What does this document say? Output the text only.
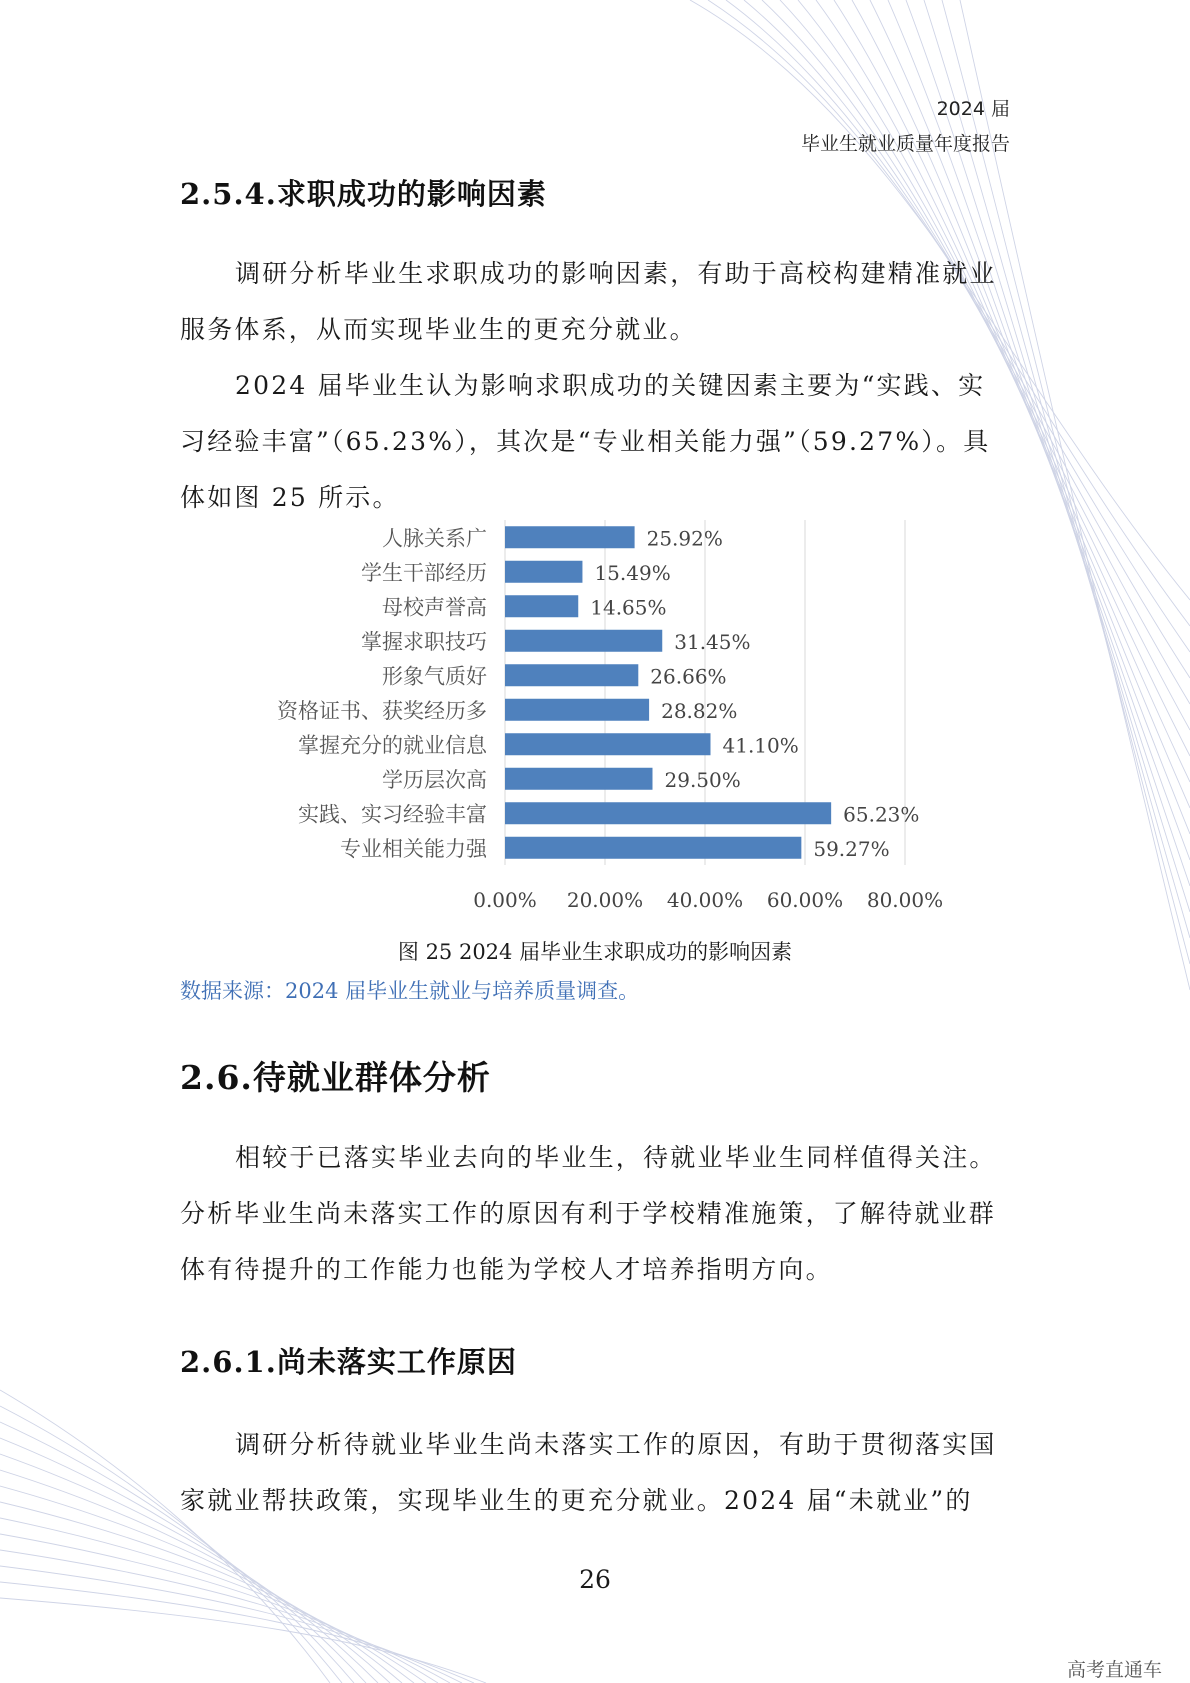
2024 届
毕业生就业质量年度报告
2.5.4.求职成功的影响因素

调研分析毕业生求职成功的影响因素，有助于高校构建精准就业服务体系，从而实现毕业生的更充分就业。

2024 届毕业生认为影响求职成功的关键因素主要为“实践、实习经验丰富”（65.23%），其次是“专业相关能力强”（59.27%）。具体如图 25 所示。

0.00% 20.00% 40.00% 60.00% 80.00%
人脉关系广	25.92%
学生干部经历	15.49%
母校声誉高	14.65%
掌握求职技巧	31.45%
形象气质好	26.66%
资格证书、获奖经历多	28.82%
掌握充分的就业信息	41.10%
学历层次高	29.50%
实践、实习经验丰富	65.23%
专业相关能力强	59.27%
图 25 2024 届毕业生求职成功的影响因素
数据来源：2024 届毕业生就业与培养质量调查。
2.6.待就业群体分析

相较于已落实毕业去向的毕业生，待就业毕业生同样值得关注。分析毕业生尚未落实工作的原因有利于学校精准施策，了解待就业群体有待提升的工作能力也能为学校人才培养指明方向。

2.6.1.尚未落实工作原因

调研分析待就业毕业生尚未落实工作的原因，有助于贯彻落实国家就业帮扶政策，实现毕业生的更充分就业。2024 届“未就业”的

26
高考直通车
